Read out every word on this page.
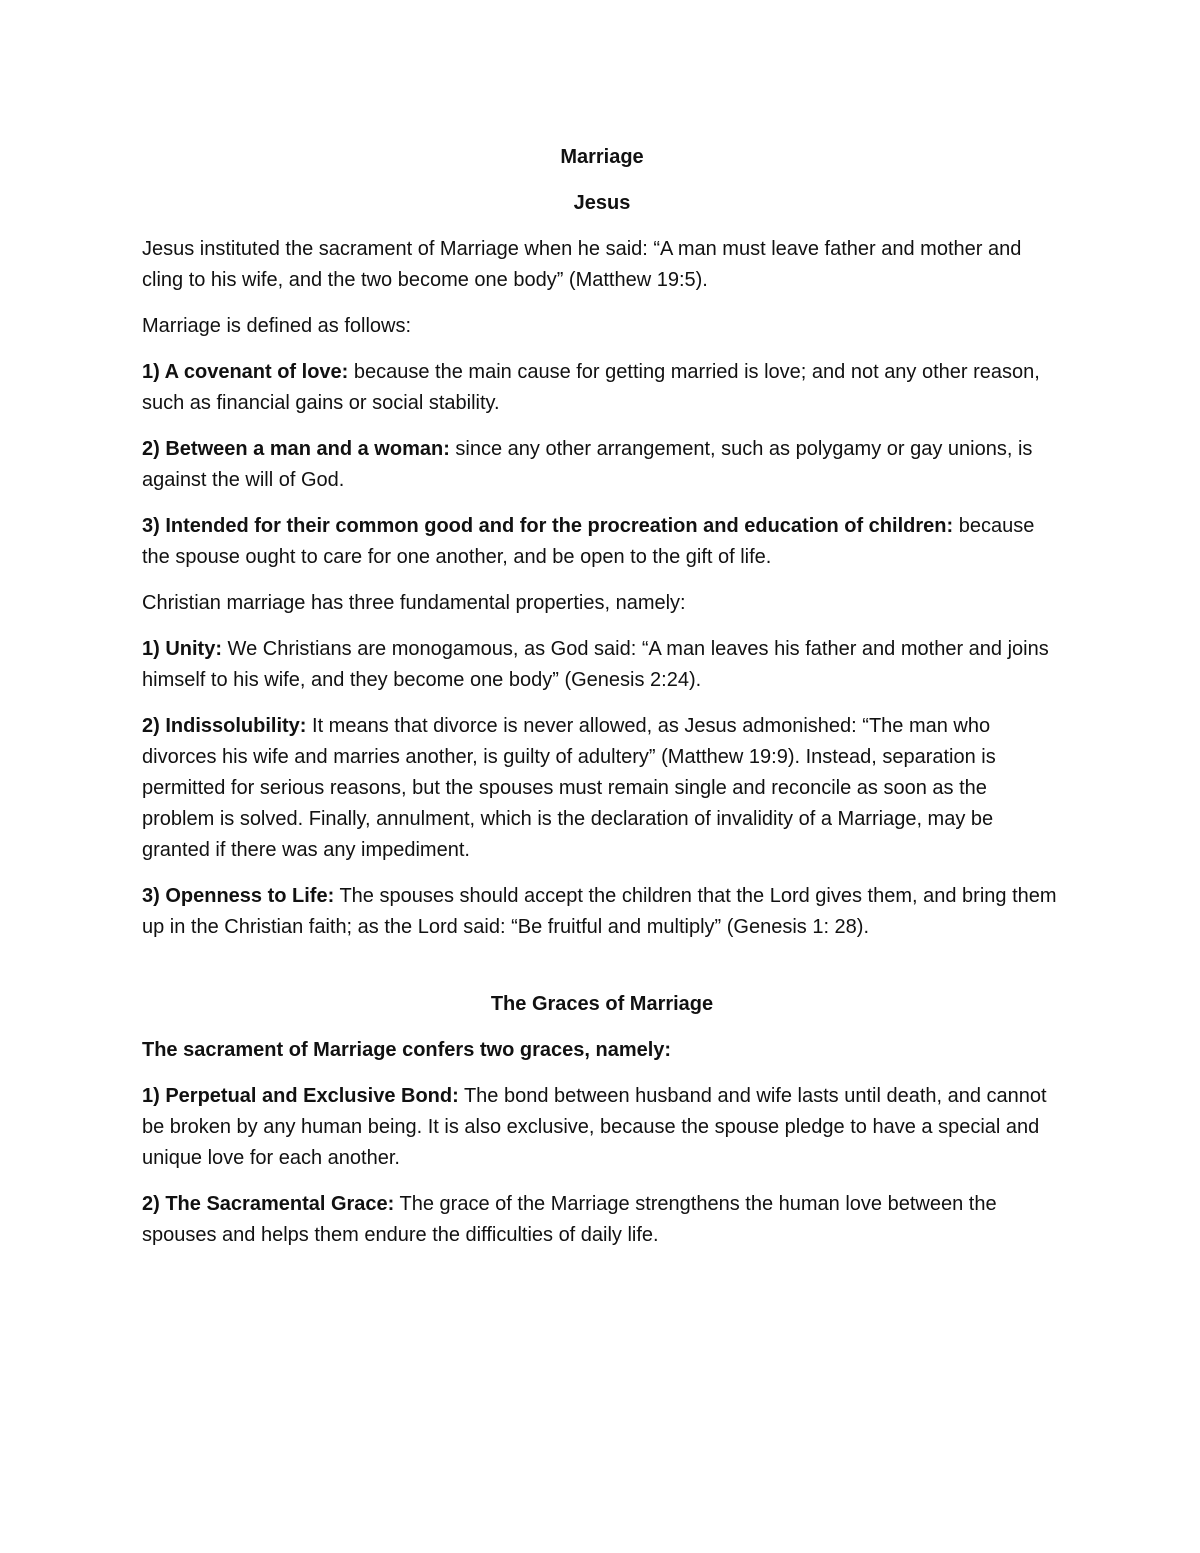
Marriage
Jesus

Jesus instituted the sacrament of Marriage when he said: “A man must leave father and mother and cling to his wife, and the two become one body” (Matthew 19:5).

Marriage is defined as follows:

1) A covenant of love: because the main cause for getting married is love; and not any other reason, such as financial gains or social stability.

2) Between a man and a woman: since any other arrangement, such as polygamy or gay unions, is against the will of God.

3) Intended for their common good and for the procreation and education of children: because the spouse ought to care for one another, and be open to the gift of life.

Christian marriage has three fundamental properties, namely:

1) Unity: We Christians are monogamous, as God said: “A man leaves his father and mother and joins himself to his wife, and they become one body” (Genesis 2:24).

2) Indissolubility: It means that divorce is never allowed, as Jesus admonished: “The man who divorces his wife and marries another, is guilty of adultery” (Matthew 19:9). Instead, separation is permitted for serious reasons, but the spouses must remain single and reconcile as soon as the problem is solved. Finally, annulment, which is the declaration of invalidity of a Marriage, may be granted if there was any impediment.

3) Openness to Life: The spouses should accept the children that the Lord gives them, and bring them up in the Christian faith; as the Lord said: “Be fruitful and multiply” (Genesis 1: 28).

The Graces of Marriage

The sacrament of Marriage confers two graces, namely:

1) Perpetual and Exclusive Bond: The bond between husband and wife lasts until death, and cannot be broken by any human being. It is also exclusive, because the spouse pledge to have a special and unique love for each another.

2) The Sacramental Grace: The grace of the Marriage strengthens the human love between the spouses and helps them endure the difficulties of daily life.
